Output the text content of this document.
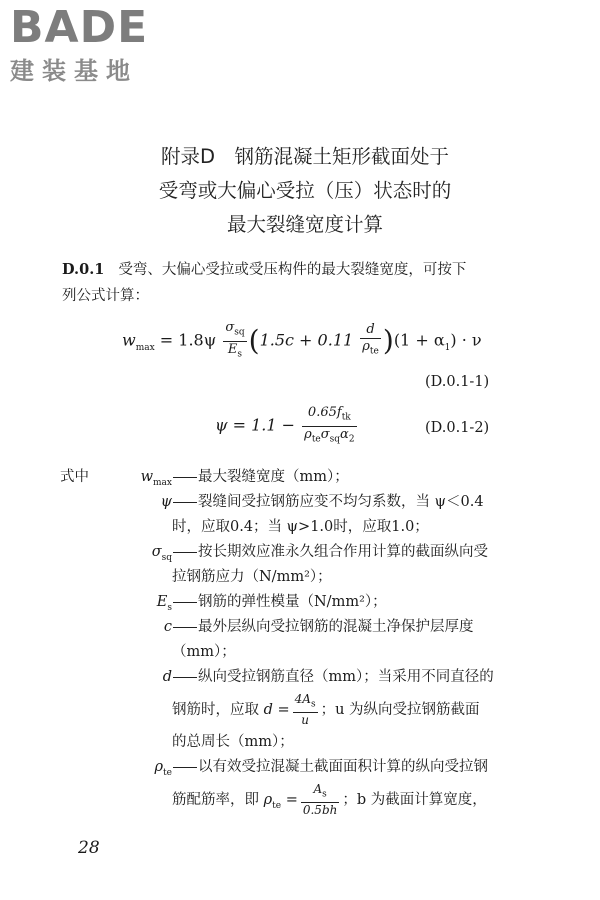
BADE
建装基地
附录D　钢筋混凝土矩形截面处于
受弯或大偏心受拉（压）状态时的
最大裂缝宽度计算
D.0.1 受弯、大偏心受拉或受压构件的最大裂缝宽度，可按下
列公式计算：
$w_{max} = 1.8\psi \frac{\sigma_{sq}}{E_s} (1.5c + 0.11 \frac{d}{\rho_{te}} )(1 + \alpha_1) \cdot \nu$
(D.0.1-1)
$\psi = 1.1 - \frac{0.65f_{tk}}{\rho_{te}\sigma_{sq}\alpha_2}$	(D.0.1-2)
式中	$w_{max}$	最大裂缝宽度（mm）；
ψ	裂缝间受拉钢筋应变不均匀系数，当 ψ＜0.4
时，应取0.4；当 ψ>1.0时，应取1.0；
$\sigma_{sq}$	按长期效应准永久组合作用计算的截面纵向受
拉钢筋应力（N/mm²）；
$E_s$	钢筋的弹性模量（N/mm²）；
c	最外层纵向受拉钢筋的混凝土净保护层厚度
（mm）；
d	纵向受拉钢筋直径（mm）；当采用不同直径的
钢筋时，应取 $d = \frac{4A_s}{u}$ ；u 为纵向受拉钢筋截面
的总周长（mm）；
$\rho_{te}$	以有效受拉混凝土截面面积计算的纵向受拉钢
筋配筋率，即 $\rho_{te} = \frac{A_s}{0.5bh}$ ；b 为截面计算宽度，
28
